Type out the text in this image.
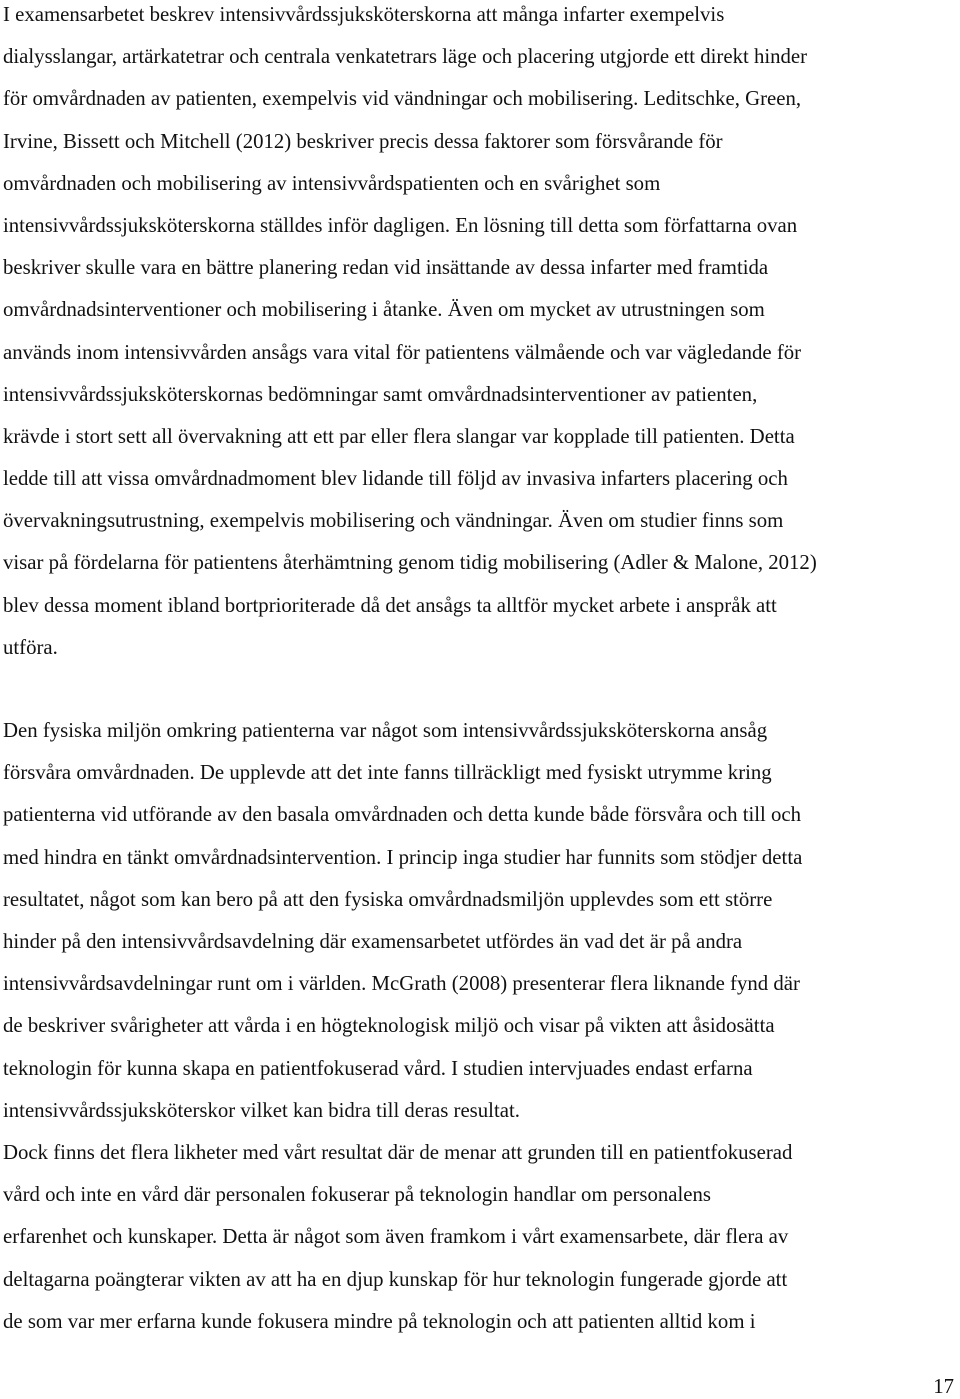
I examensarbetet beskrev intensivvårdssjuksköterskorna att många infarter exempelvis
dialysslangar, artärkatetrar och centrala venkatetrars läge och placering utgjorde ett direkt hinder
för omvårdnaden av patienten, exempelvis vid vändningar och mobilisering. Leditschke, Green,
Irvine, Bissett och Mitchell (2012) beskriver precis dessa faktorer som försvårande för
omvårdnaden och mobilisering av intensivvårdspatienten och en svårighet som
intensivvårdssjuksköterskorna ställdes inför dagligen. En lösning till detta som författarna ovan
beskriver skulle vara en bättre planering redan vid insättande av dessa infarter med framtida
omvårdnadsinterventioner och mobilisering i åtanke. Även om mycket av utrustningen som
används inom intensivvården ansågs vara vital för patientens välmående och var vägledande för
intensivvårdssjuksköterskornas bedömningar samt omvårdnadsinterventioner av patienten,
krävde i stort sett all övervakning att ett par eller flera slangar var kopplade till patienten. Detta
ledde till att vissa omvårdnadmoment blev lidande till följd av invasiva infarters placering och
övervakningsutrustning, exempelvis mobilisering och vändningar. Även om studier finns som
visar på fördelarna för patientens återhämtning genom tidig mobilisering (Adler & Malone, 2012)
blev dessa moment ibland bortprioriterade då det ansågs ta alltför mycket arbete i anspråk att
utföra.
Den fysiska miljön omkring patienterna var något som intensivvårdssjuksköterskorna ansåg
försvåra omvårdnaden. De upplevde att det inte fanns tillräckligt med fysiskt utrymme kring
patienterna vid utförande av den basala omvårdnaden och detta kunde både försvåra och till och
med hindra en tänkt omvårdnadsintervention. I princip inga studier har funnits som stödjer detta
resultatet, något som kan bero på att den fysiska omvårdnadsmiljön upplevdes som ett större
hinder på den intensivvårdsavdelning där examensarbetet utfördes än vad det är på andra
intensivvårdsavdelningar runt om i världen. McGrath (2008) presenterar flera liknande fynd där
de beskriver svårigheter att vårda i en högteknologisk miljö och visar på vikten att åsidosätta
teknologin för kunna skapa en patientfokuserad vård. I studien intervjuades endast erfarna
intensivvårdssjuksköterskor vilket kan bidra till deras resultat.
Dock finns det flera likheter med vårt resultat där de menar att grunden till en patientfokuserad
vård och inte en vård där personalen fokuserar på teknologin handlar om personalens
erfarenhet och kunskaper. Detta är något som även framkom i vårt examensarbete, där flera av
deltagarna poängterar vikten av att ha en djup kunskap för hur teknologin fungerade gjorde att
de som var mer erfarna kunde fokusera mindre på teknologin och att patienten alltid kom i
17
